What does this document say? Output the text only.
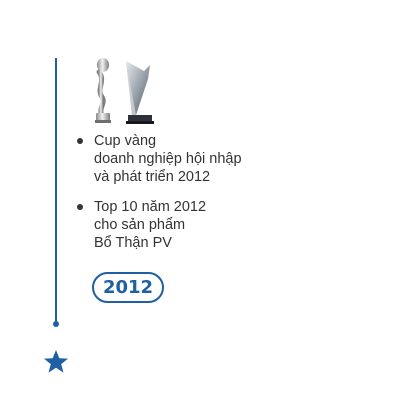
Cup vàng
doanh nghiệp hội nhập
và phát triển 2012
Top 10 năm 2012
cho sản phẩm
Bổ Thận PV
2012
